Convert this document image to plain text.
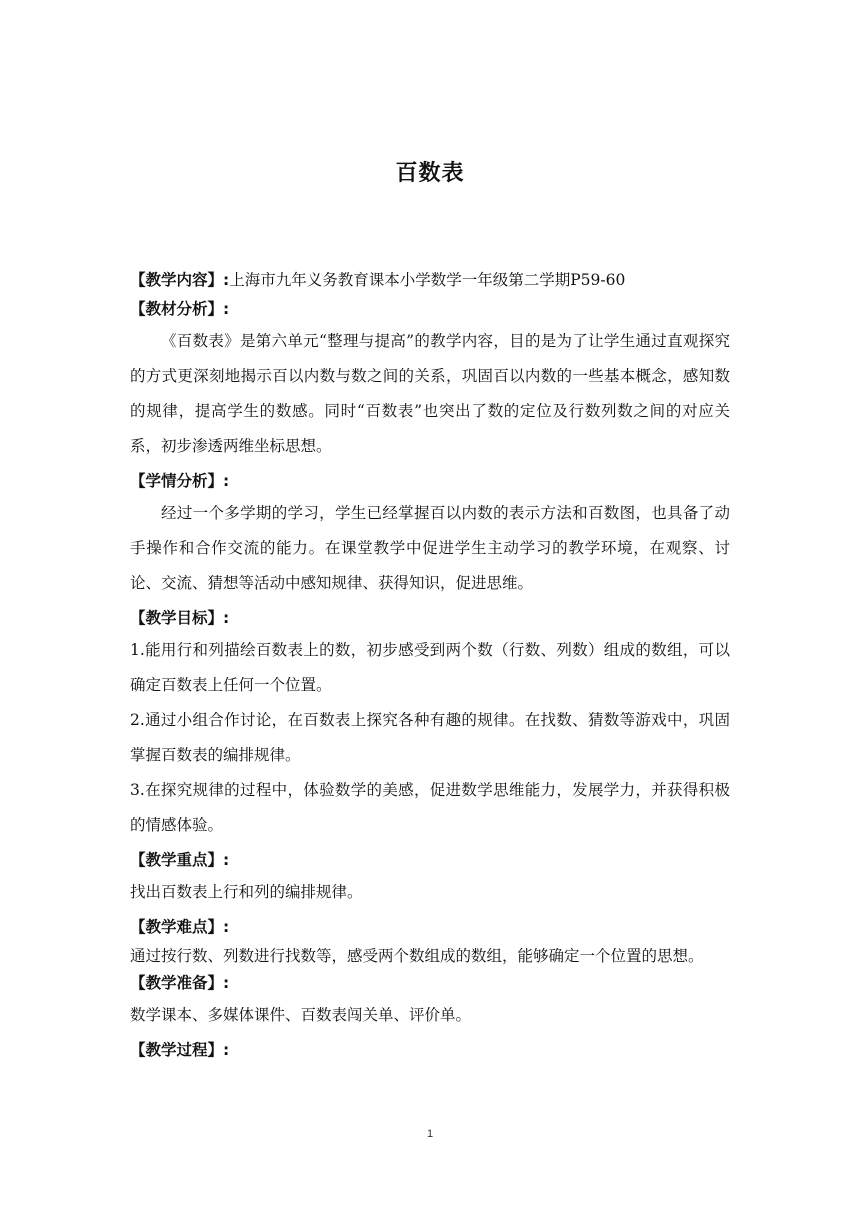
百数表

【教学内容】:上海市九年义务教育课本小学数学一年级第二学期P59-60

【教材分析】:

《百数表》是第六单元“整理与提高”的教学内容，目的是为了让学生通过直观探究的方式更深刻地揭示百以内数与数之间的关系，巩固百以内数的一些基本概念，感知数的规律，提高学生的数感。同时“百数表”也突出了数的定位及行数列数之间的对应关系，初步渗透两维坐标思想。

【学情分析】:

经过一个多学期的学习，学生已经掌握百以内数的表示方法和百数图，也具备了动手操作和合作交流的能力。在课堂教学中促进学生主动学习的教学环境，在观察、讨论、交流、猜想等活动中感知规律、获得知识，促进思维。

【教学目标】:

1.能用行和列描绘百数表上的数，初步感受到两个数（行数、列数）组成的数组，可以确定百数表上任何一个位置。

2.通过小组合作讨论，在百数表上探究各种有趣的规律。在找数、猜数等游戏中，巩固掌握百数表的编排规律。

3.在探究规律的过程中，体验数学的美感，促进数学思维能力，发展学力，并获得积极的情感体验。

【教学重点】:

找出百数表上行和列的编排规律。

【教学难点】:

通过按行数、列数进行找数等，感受两个数组成的数组，能够确定一个位置的思想。

【教学准备】:

数学课本、多媒体课件、百数表闯关单、评价单。

【教学过程】:

1
